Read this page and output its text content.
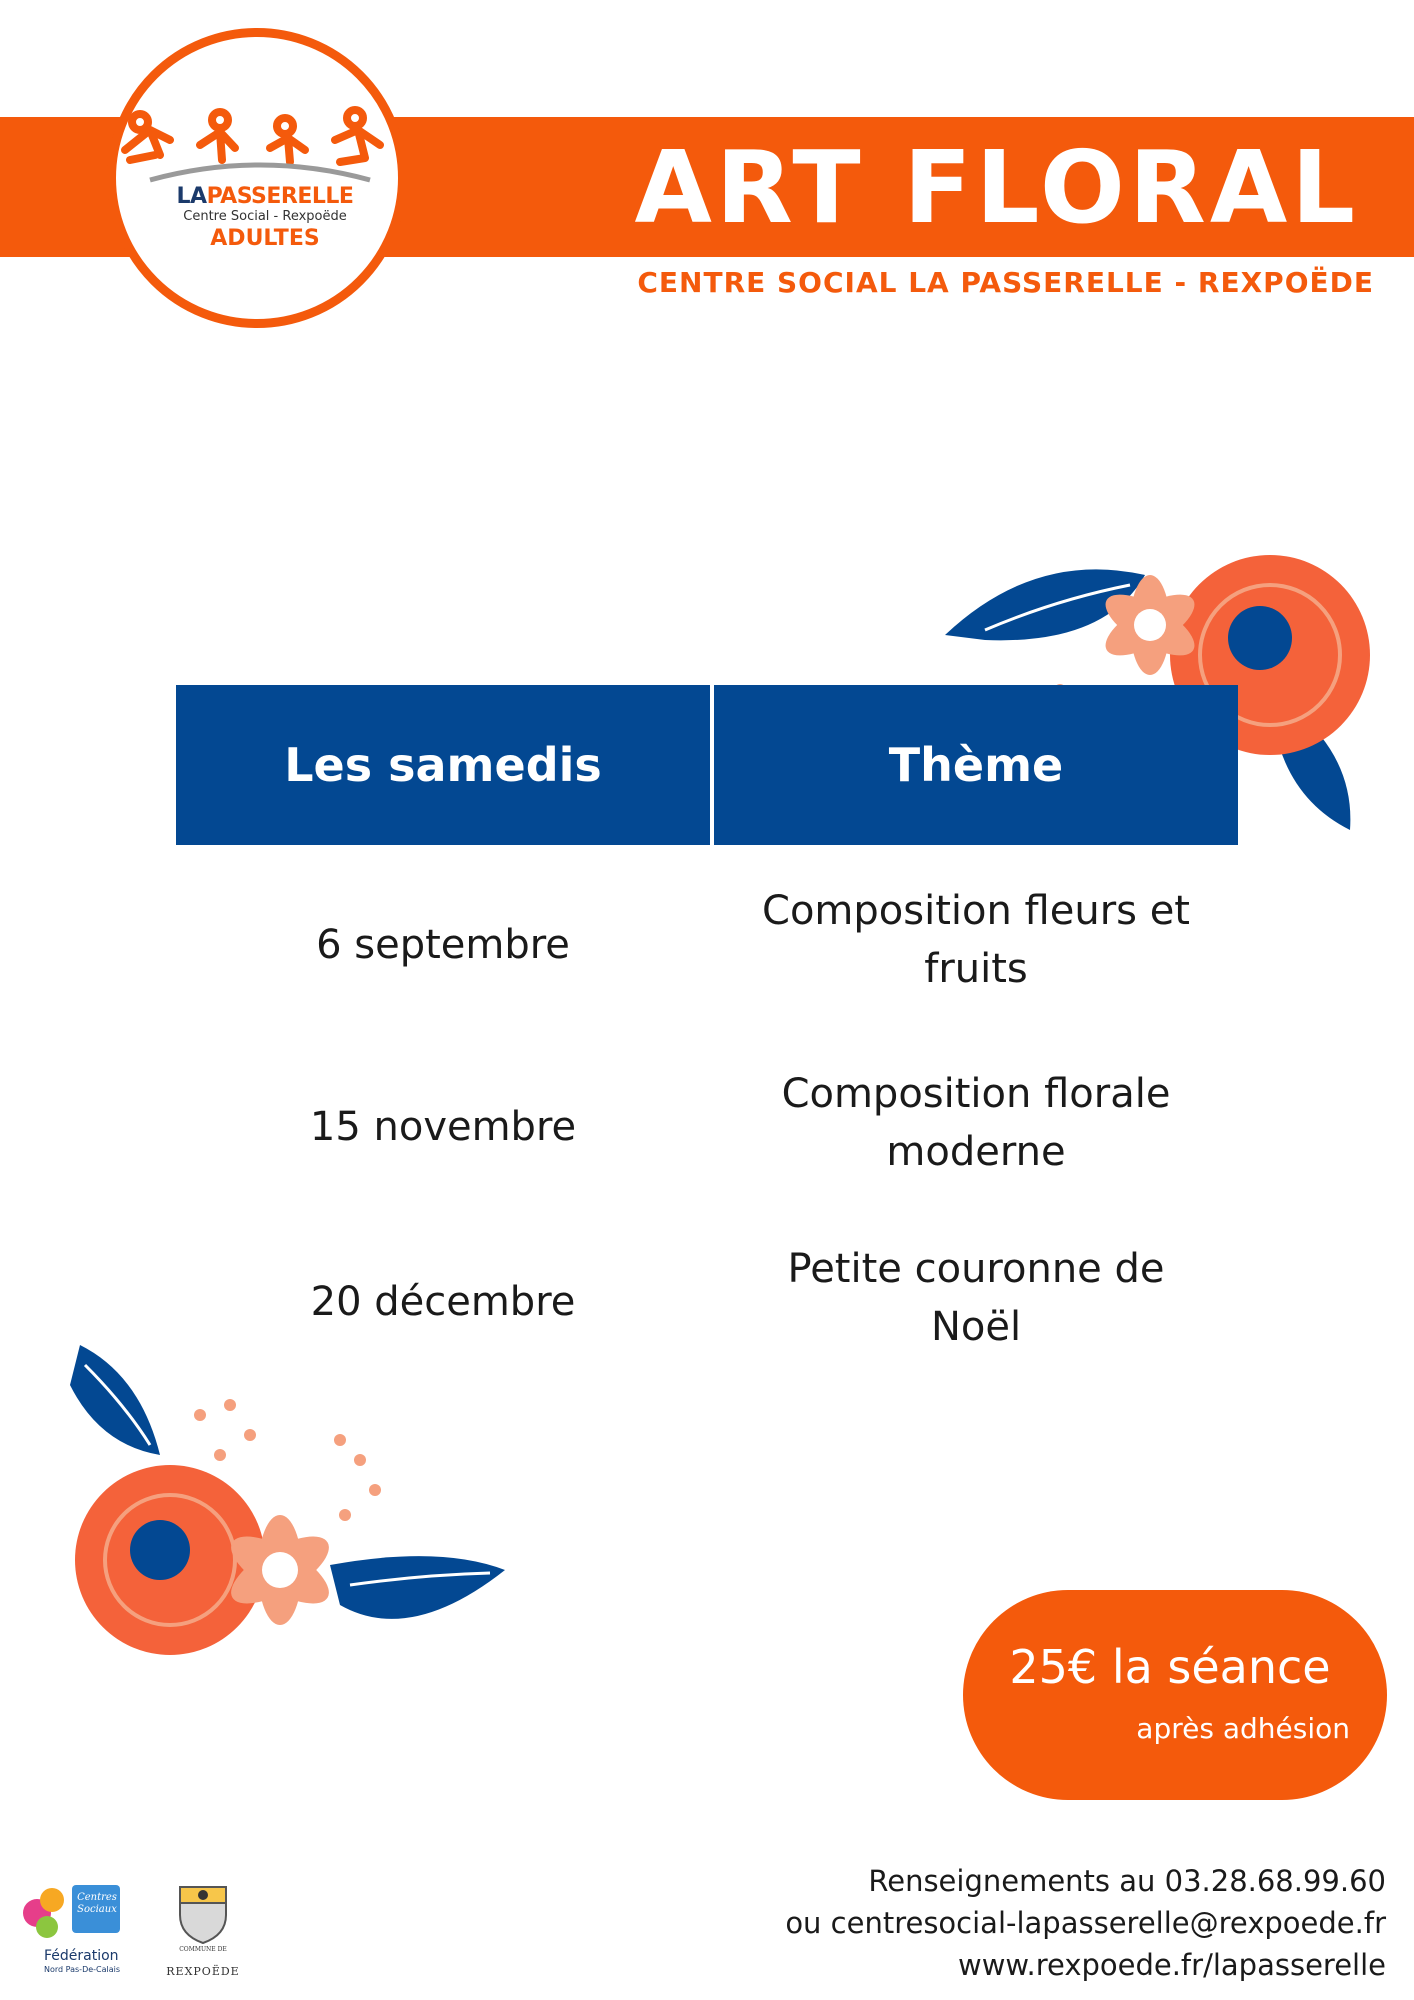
LAPASSERELLE
Centre Social - Rexpoëde
ADULTES	ART FLORAL
CENTRE SOCIAL LA PASSERELLE - REXPOËDE
Les samedis	Thème
6 septembre
Composition fleurs et
fruits
15 novembre
Composition florale
moderne
20 décembre
Petite couronne de
Noël
25€ la séance
après adhésion
Renseignements au 03.28.68.99.60
ou centresocial-lapasserelle@rexpoede.fr
www.rexpoede.fr/lapasserelle
Centres Sociaux
Fédération
Nord Pas-De-Calais
COMMUNE DE
REXPOËDE
